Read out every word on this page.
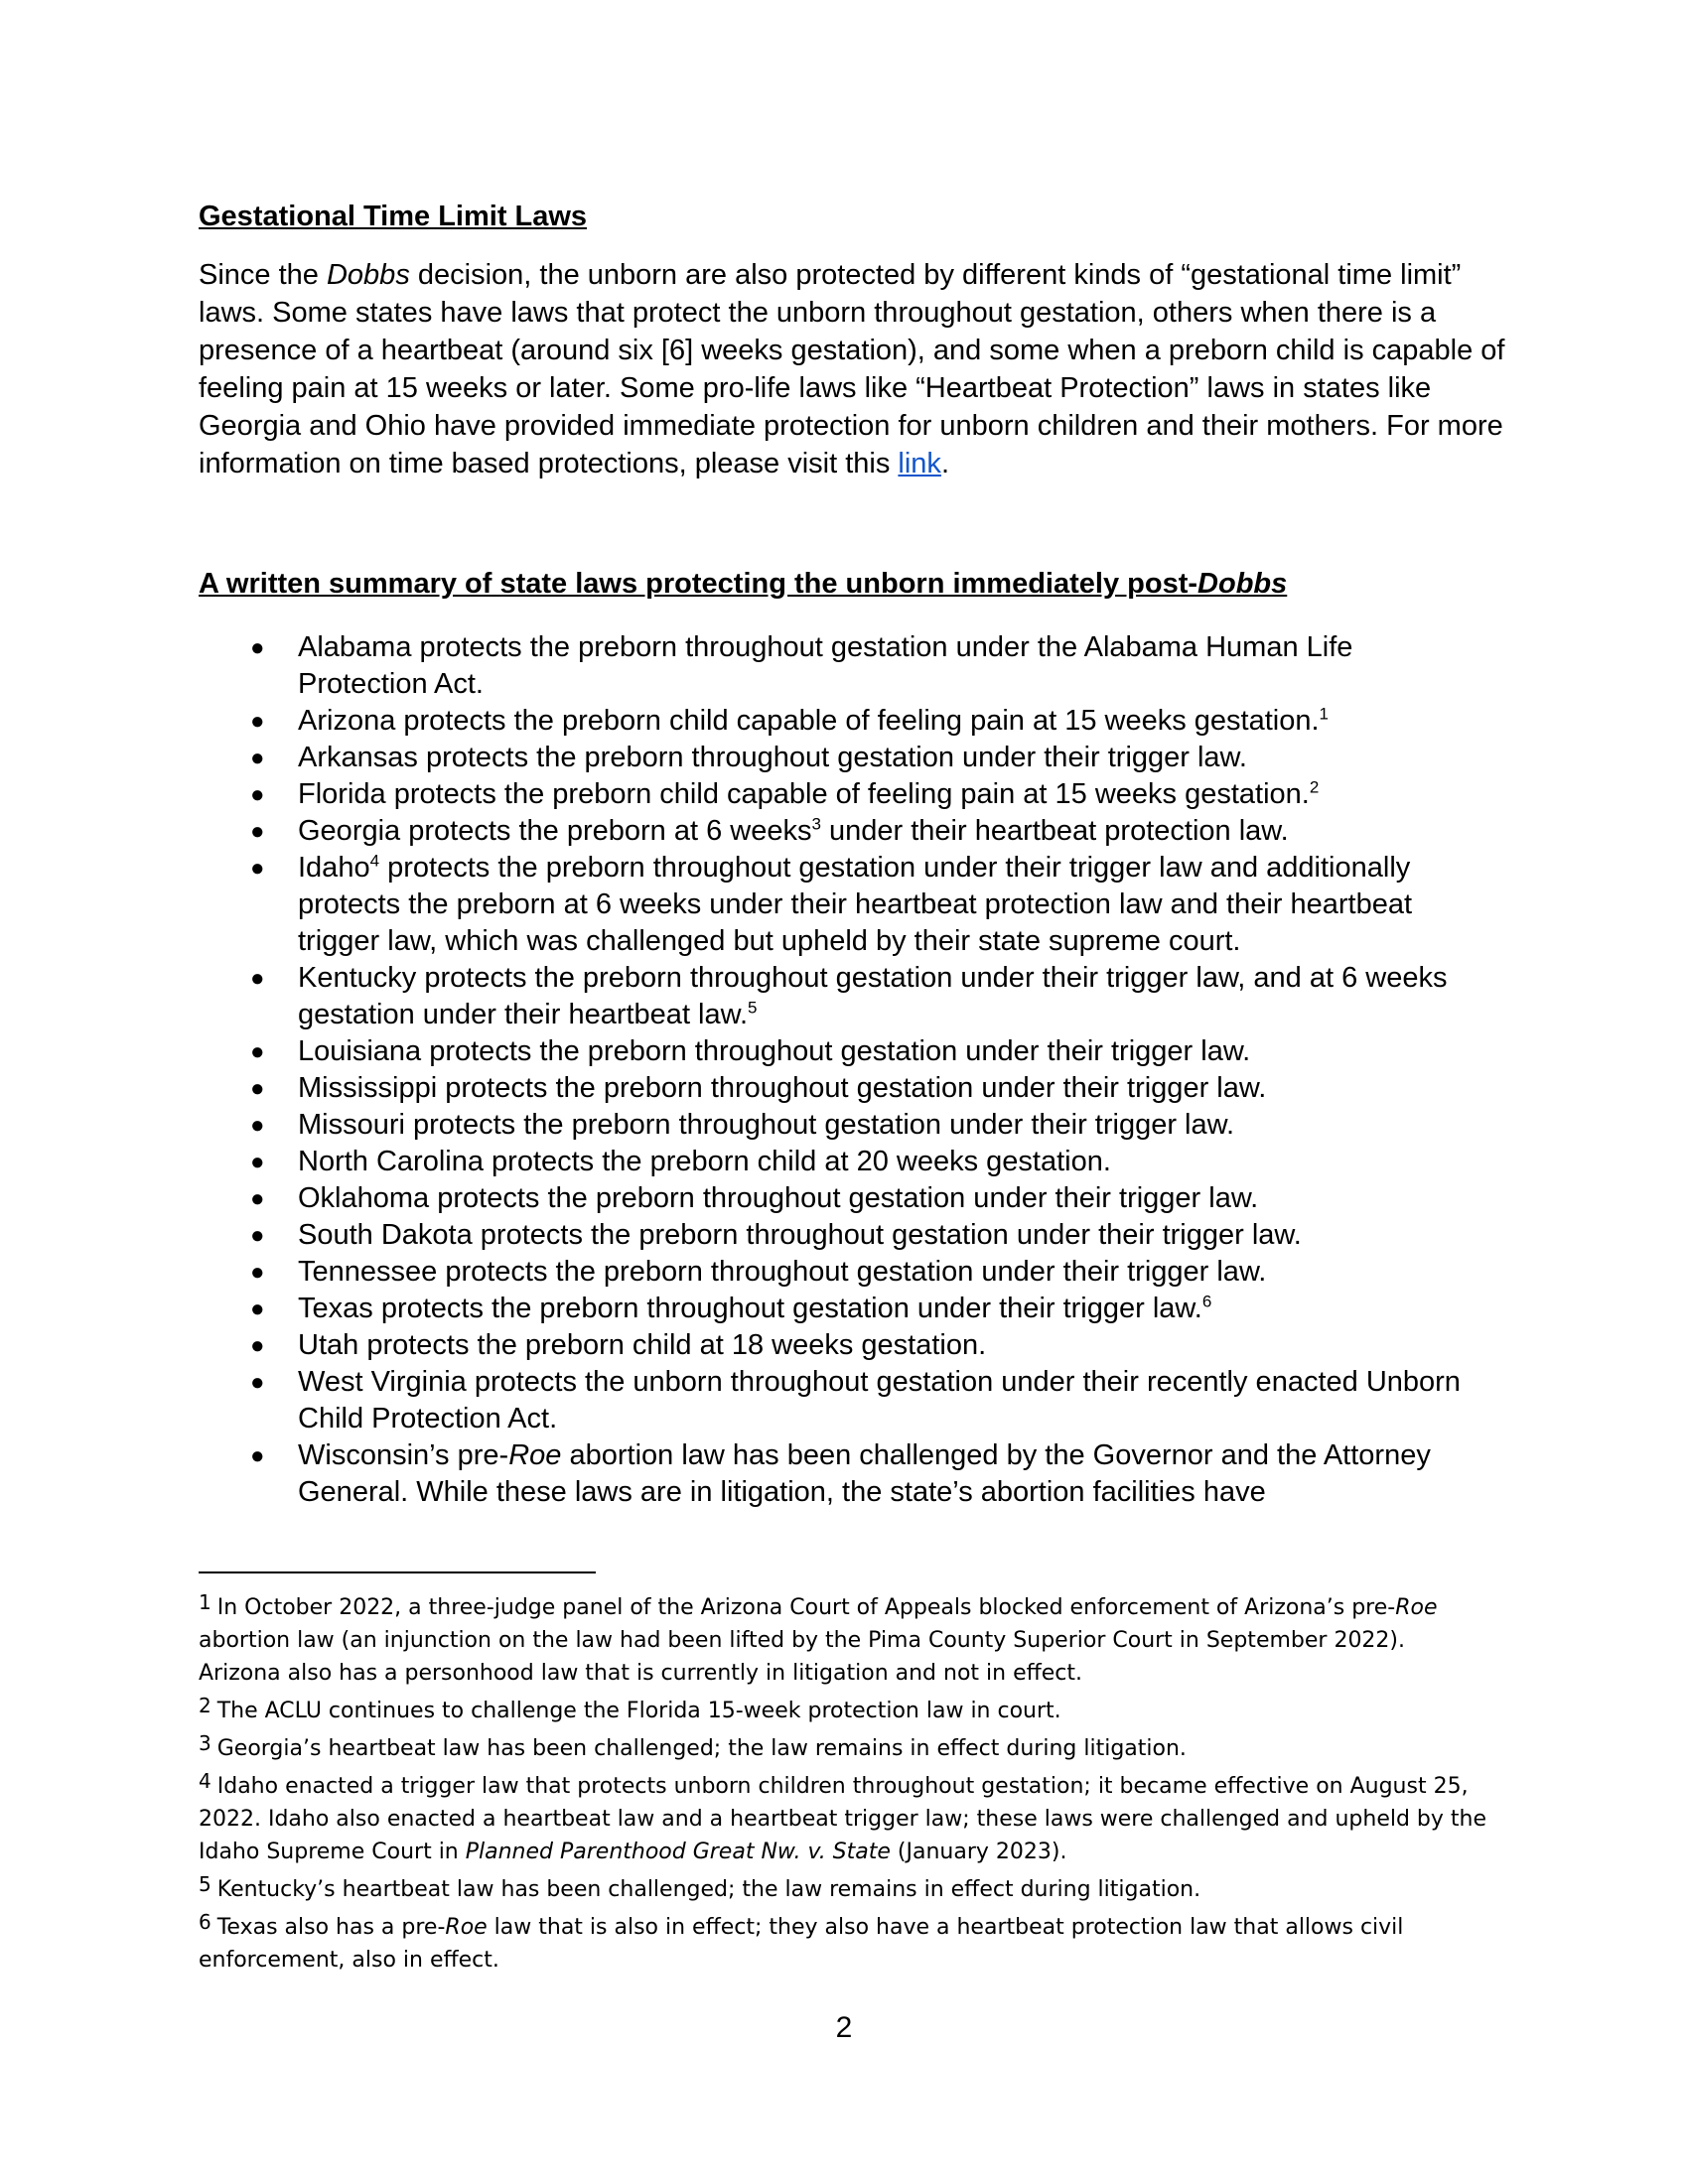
Gestational Time Limit Laws

Since the Dobbs decision, the unborn are also protected by different kinds of “gestational time limit” laws. Some states have laws that protect the unborn throughout gestation, others when there is a presence of a heartbeat (around six [6] weeks gestation), and some when a preborn child is capable of feeling pain at 15 weeks or later. Some pro-life laws like “Heartbeat Protection” laws in states like Georgia and Ohio have provided immediate protection for unborn children and their mothers. For more information on time based protections, please visit this link.

A written summary of state laws protecting the unborn immediately post-Dobbs
● Alabama protects the preborn throughout gestation under the Alabama Human Life Protection Act.
● Arizona protects the preborn child capable of feeling pain at 15 weeks gestation.$^1$
● Arkansas protects the preborn throughout gestation under their trigger law.
● Florida protects the preborn child capable of feeling pain at 15 weeks gestation.$^2$
● Georgia protects the preborn at 6 weeks$^3$ under their heartbeat protection law.
● Idaho$^4$ protects the preborn throughout gestation under their trigger law and additionally protects the preborn at 6 weeks under their heartbeat protection law and their heartbeat trigger law, which was challenged but upheld by their state supreme court.
● Kentucky protects the preborn throughout gestation under their trigger law, and at 6 weeks gestation under their heartbeat law.$^5$
● Louisiana protects the preborn throughout gestation under their trigger law.
● Mississippi protects the preborn throughout gestation under their trigger law.
● Missouri protects the preborn throughout gestation under their trigger law.
● North Carolina protects the preborn child at 20 weeks gestation.
● Oklahoma protects the preborn throughout gestation under their trigger law.
● South Dakota protects the preborn throughout gestation under their trigger law.
● Tennessee protects the preborn throughout gestation under their trigger law.
● Texas protects the preborn throughout gestation under their trigger law.$^6$
● Utah protects the preborn child at 18 weeks gestation.
● West Virginia protects the unborn throughout gestation under their recently enacted Unborn Child Protection Act.
● Wisconsin’s pre-Roe abortion law has been challenged by the Governor and the Attorney General. While these laws are in litigation, the state’s abortion facilities have

$^1$ In October 2022, a three-judge panel of the Arizona Court of Appeals blocked enforcement of Arizona’s pre-Roe abortion law (an injunction on the law had been lifted by the Pima County Superior Court in September 2022). Arizona also has a personhood law that is currently in litigation and not in effect.

$^2$ The ACLU continues to challenge the Florida 15-week protection law in court.

$^3$ Georgia’s heartbeat law has been challenged; the law remains in effect during litigation.

$^4$ Idaho enacted a trigger law that protects unborn children throughout gestation; it became effective on August 25, 2022. Idaho also enacted a heartbeat law and a heartbeat trigger law; these laws were challenged and upheld by the Idaho Supreme Court in Planned Parenthood Great Nw. v. State (January 2023).

$^5$ Kentucky’s heartbeat law has been challenged; the law remains in effect during litigation.

$^6$ Texas also has a pre-Roe law that is also in effect; they also have a heartbeat protection law that allows civil enforcement, also in effect.

2
